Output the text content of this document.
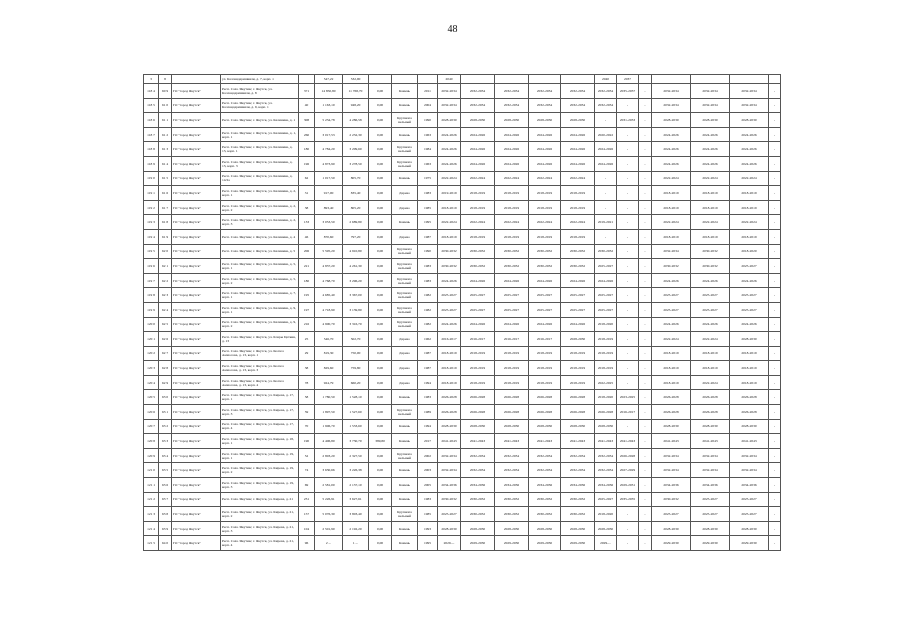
48
3	8		ул. Калландаришвили, д. 7, корп. 1		547,22	532,90				2040					2040	2037					
118 4	60 9	ГО "город Якутск"	Респ. Саха /Якутия/, г. Якутск, ул. Калландаришвили, д. 8	371	14 850,80	11 768,70	0,00	Камень	2011	2032-2034	2032-2034	2032-2034	2032-2034	2032-2034	2032-2034	2035-2037	-	2032-2034	2032-2034	2032-2034	-
118 5	61 0	ГО "город Якутск"	Респ. Саха /Якутия/, г. Якутск, ул. Калландаришвили, д. 9, корп. 1	40	1 163,10	948,20	0,00	Камень	2004	2032-2034	2032-2034	2032-2034	2032-2034	2032-2034	2032-2034	-	-	2032-2034	2032-2034	2032-2034	-
118 6	61 1	ГО "город Якутск"	Респ. Саха /Якутия/, г. Якутск, ул. Калинина, д. 1	308	5 234,78	4 286,58	0,00	Крупнопа нельный	1990	2028-2030	2028-2030	2028-2030	2028-2030	2028-2030	-	2031-2033	-	2028-2030	2028-2030	2028-2030	-
118 7	61 2	ГО "город Якутск"	Респ. Саха /Якутия/, г. Якутск, ул. Калинина, д. 1, корп. 1	260	3 017,53	2 232,30	0,00	Камень	1963	2024-2026	2024-2026	2024-2026	2024-2026	2024-2026	2020-2022	-	-	2024-2026	2024-2026	2024-2026	-
118 8	61 3	ГО "город Якутск"	Респ. Саха /Якутия/, г. Якутск, ул. Калинина, д. 13, корп. 1	180	4 784,20	3 209,60	0,00	Крупнопа нельный	1984	2024-2026	2024-2026	2024-2026	2024-2026	2024-2026	2024-2026	-	-	2024-2026	2024-2026	2024-2026	-
118 9	61 4	ГО "город Якутск"	Респ. Саха /Якутия/, г. Якутск, ул. Калинина, д. 13, корп. 3	196	4 873,90	3 278,50	0,00	Крупнопа нельный	1963	2024-2026	2024-2026	2024-2026	2024-2026	2024-2026	2024-2026	-	-	2024-2026	2024-2026	2024-2026	-
119 0	61 5	ГО "город Якутск"	Респ. Саха /Якутия/, г. Якутск, ул. Калинина, д. 14/2а	62	1 017,50	805,70	0,00	Камень	1975	2022-2024	2022-2024	2022-2024	2022-2024	2022-2024	-	-	-	2022-2024	2022-2024	2022-2024	-
119 1	61 6	ГО "город Якутск"	Респ. Саха /Якутия/, г. Якутск, ул. Калинина, д. 2, корп. 1	31	917,00	835,40	0,00	Дерево	1983	2019-2019	2018-2019	2018-2019	2018-2019	2018-2019	-	-	-	2018-2019	2018-2019	2018-2019	-
119 2	61 7	ГО "город Якутск"	Респ. Саха /Якутия/, г. Якутск, ул. Калинина, д. 2, корп. 2	38	893,40	805,20	0,00	Дерево	1985	2018-2019	2018-2019	2018-2019	2018-2019	2018-2019	-	-	-	2018-2019	2018-2019	2018-2019	-
119 3	61 8	ГО "город Якутск"	Респ. Саха /Якутия/, г. Якутск, ул. Калинина, д. 2, корп. 3	133	3 053,50	2 689,80	0,00	Камень	1995	2022-2024	2022-2024	2022-2024	2022-2024	2022-2024	2019-2021	-	-	2022-2024	2022-2024	2022-2024	-
119 4	61 9	ГО "город Якутск"	Респ. Саха /Якутия/, г. Якутск, ул. Калинина, д. 4	46	870,60	797,20	0,00	Дерево	1987	2018-2019	2018-2019	2018-2019	2018-2019	2018-2019	-	-	-	2018-2019	2018-2019	2018-2019	-
119 5	62 0	ГО "город Якутск"	Респ. Саха /Якутия/, г. Якутск, ул. Калинина, д. 5	206	5 595,20	4 910,80	0,00	Крупнопа нельный	1990	2030-2032	2030-2032	2030-2032	2030-2032	2030-2032	2030-2032	-	-	2032-2034	2030-2032	2018-2020	-
119 6	62 1	ГО "город Якутск"	Респ. Саха /Якутия/, г. Якутск, ул. Калинина, д. 5, корп. 1	221	4 837,20	4 261,30	0,00	Крупнопа нельный	1983	2030-2032	2030-2032	2030-2032	2030-2032	2030-2032	2025-2027	-	-	2030-2032	2030-2032	2025-2027	-
119 7	62 2	ГО "город Якутск"	Респ. Саха /Якутия/, г. Якутск, ул. Калинина, д. 5, корп. 2	180	4 768,70	3 296,20	0,00	Крупнопа нельный	1983	2024-2026	2024-2026	2024-2026	2024-2026	2024-2026	2024-2026	-	-	2024-2026	2024-2026	2024-2026	-
119 8	62 3	ГО "город Якутск"	Респ. Саха /Якутия/, г. Якутск, ул. Калинина, д. 7, корп. 1	195	4 685,40	3 367,00	0,00	Крупнопа нельный	1982	2025-2027	2025-2027	2025-2027	2025-2027	2025-2027	2025-2027	-	-	2025-2027	2025-2027	2025-2027	-
119 9	62 4	ГО "город Якутск"	Респ. Саха /Якутия/, г. Якутск, ул. Калинина, д. 9, корп. 1	197	4 718,90	3 139,80	0,00	Крупнопа нельный	1982	2025-2027	2025-2027	2025-2027	2025-2027	2025-2027	2025-2027	-	-	2025-2027	2025-2027	2025-2027	-
120 0	62 5	ГО "город Якутск"	Респ. Саха /Якутия/, г. Якутск, ул. Калинина, д. 9, корп. 2	216	4 900,70	3 316,70	0,00	Крупнопа нельный	1982	2024-2026	2024-2026	2024-2026	2024-2026	2024-2026	2018-2020	-	-	2024-2026	2024-2026	2024-2026	-
120 1	62 6	ГО "город Якутск"	Респ. Саха /Якутия/, г. Якутск, ул. Клары Цеткин, д. 13	25	546,70	502,70	0,00	Дерево	1962	2016-2017	2016-2017	2016-2017	2016-2017	2028-2030	2018-2019	-	-	2022-2024	2022-2024	2028-2030	-
120 2	62 7	ГО "город Якутск"	Респ. Саха /Якутия/, г. Якутск, ул. Колхоз Аммосова, д. 13, корп. 1	29	819,30	750,00	0,00	Дерево	1987	2018-2019	2018-2019	2018-2019	2018-2019	2018-2019	2018-2019	-	-	2018-2019	2018-2019	2018-2019	-
120 3	62 8	ГО "город Якутск"	Респ. Саха /Якутия/, г. Якутск, ул. Колхоз Аммосова, д. 13, корп. 3	38	829,60	759,80	0,00	Дерево	1987	2018-2019	2018-2019	2018-2019	2018-2019	2018-2019	2018-2019	-	-	2018-2019	2018-2019	2018-2019	-
120 4	62 9	ГО "город Якутск"	Респ. Саха /Якутия/, г. Якутск, ул. Колхоз Аммосова, д. 13, корп. 4	78	924,79	660,20	0,00	Дерево	1994	2018-2019	2018-2019	2018-2019	2018-2019	2018-2019	2022-2025	-	-	2018-2019	2022-2024	2018-2019	-
120 5	63 0	ГО "город Якутск"	Респ. Саха /Якутия/, г. Якутск, ул. Кирова, д. 17, корп. 1	58	1 780,50	1 528,10	0,00	Камень	1983	2026-2028	2026-2028	2026-2028	2026-2028	2026-2028	2018-2020	2023-2025	-	2026-2028	2026-2028	2026-2028	-
120 6	63 1	ГО "город Якутск"	Респ. Саха /Якутия/, г. Якутск, ул. Кирова, д. 17, корп. 3	59	1 897,50	1 527,60	0,00	Крупнопа нельный	1989	2026-2028	2026-2028	2026-2028	2026-2028	2026-2028	2026-2028	2016-2017	-	2026-2028	2026-2028	2026-2028	-
120 7	63 2	ГО "город Якутск"	Респ. Саха /Якутия/, г. Якутск, ул. Кирова, д. 17, корп. 4	70	1 906,70	1 533,60	0,00	Камень	1994	2028-2030	2028-2030	2028-2030	2028-2030	2028-2030	2028-2030	-	-	2028-2030	2028-2030	2028-2030	-
120 8	63 3	ГО "город Якутск"	Респ. Саха /Якутия/, г. Якутск, ул. Кирова, д. 18, корп. 1	190	4 406,80	3 730,70	389,80	Камень	2017	2041-2043	2041-2043	2041-2043	2041-2043	2041-2043	2041-2043	2041-2043	-	2041-2043	2041-2043	2041-2043	-
120 9	63 4	ГО "город Якутск"	Респ. Саха /Якутия/, г. Якутск, ул. Кирова, д. 19, корп. 1	52	2 803,20	2 327,50	0,00	Крупнопа нельный	2002	2032-2034	2032-2034	2032-2034	2032-2034	2032-2034	2032-2034	2026-2028	-	2032-2034	2032-2034	2032-2034	-
121 0	63 5	ГО "город Якутск"	Респ. Саха /Якутия/, г. Якутск, ул. Кирова, д. 19, корп. 2	74	3 630,66	3 226,38	0,00	Камень	2003	2032-2034	2032-2034	2032-2034	2032-2034	2032-2034	2032-2034	2027-2029	-	2032-2034	2032-2034	2032-2034	-
121 1	63 6	ГО "город Якутск"	Респ. Саха /Якутия/, г. Якутск, ул. Кирова, д. 19, корп. 3	69	2 581,00	2 137,10	0,00	Камень	2005	2034-2036	2034-2036	2034-2036	2034-2036	2034-2036	2034-2036	2029-2031	-	2034-2036	2034-2036	2034-2036	-
121 2	63 7	ГО "город Якутск"	Респ. Саха /Якутия/, г. Якутск, ул. Кирова, д. 21	231	5 226,91	3 627,61	0,00	Камень	1983	2030-2032	2030-2032	2030-2032	2030-2032	2030-2032	2025-2027	2035-2035	-	2030-2032	2025-2027	2025-2027	-
121 3	63 8	ГО "город Якутск"	Респ. Саха /Якутия/, г. Якутск, ул. Кирова, д. 21, корп. 2	157	5 076,30	3 803,40	0,00	Крупнопа нельный	1985	2025-2027	2030-2032	2030-2032	2030-2032	2030-2032	2018-2020	-	-	2025-2027	2025-2027	2025-2027	-
121 4	63 9	ГО "город Якутск"	Респ. Саха /Якутия/, г. Якутск, ул. Кирова, д. 21, корп. 3	104	2 501,90	2 192,20	0,00	Камень	1993	2028-2030	2028-2030	2028-2030	2028-2030	2028-2030	2028-2030	-	-	2028-2030	2028-2030	2028-2030	-
121 5	64 0	ГО "город Якутск"	Респ. Саха /Якутия/, г. Якутск, ул. Кирова, д. 21, корп. 4	96	2 ...	1 ...	0,00	Камень	1995	2029-...	2029-2030	2029-2030	2029-2030	2029-2030	2029-...	-	-	2029-2030	2029-2030	2029-2030	-
